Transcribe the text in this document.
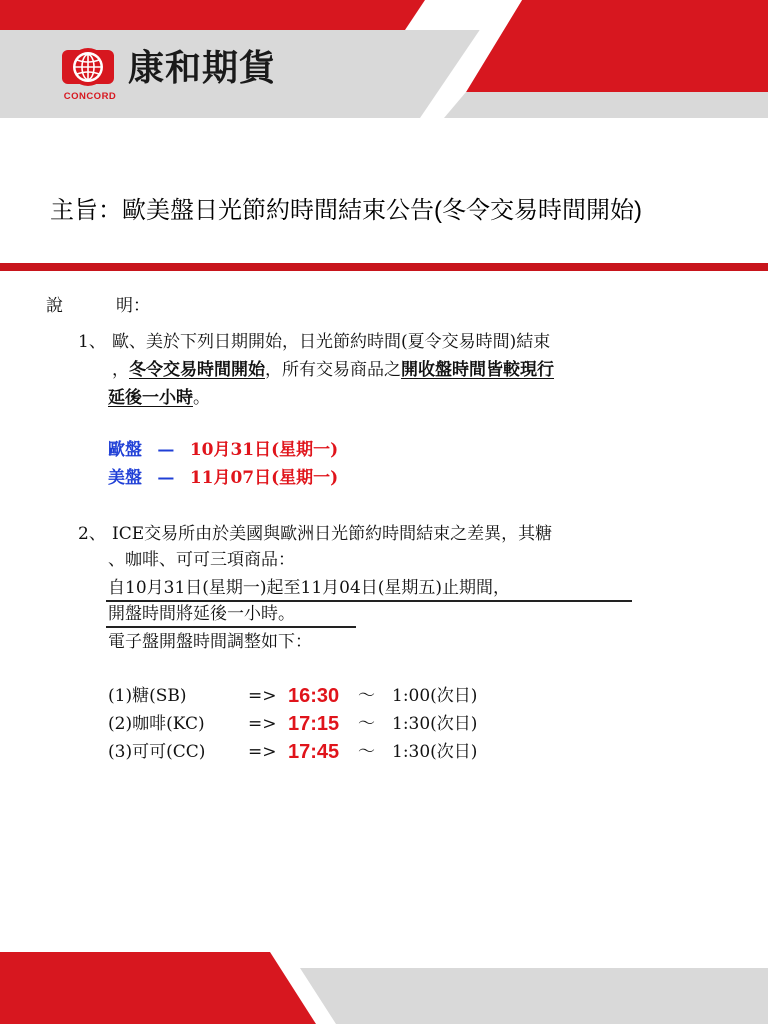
CONCORD
康和期貨
主旨：歐美盤日光節約時間結束公告(冬令交易時間開始)
說	明：
1、 歐、美於下列日期開始，日光節約時間(夏令交易時間)結束
，冬令交易時間開始，所有交易商品之開收盤時間皆較現行
延後一小時。
歐盤 — 10月31日(星期一)
美盤 — 11月07日(星期一)
2、 ICE交易所由於美國與歐洲日光節約時間結束之差異，其糖
、咖啡、可可三項商品：
自10月31日(星期一)起至11月04日(星期五)止期間，
開盤時間將延後一小時。
電子盤開盤時間調整如下：
(1)糖(SB)	=> 16:30 ～ 1:00(次日)
(2)咖啡(KC)	=> 17:15 ～ 1:30(次日)
(3)可可(CC)	=> 17:45 ～ 1:30(次日)
